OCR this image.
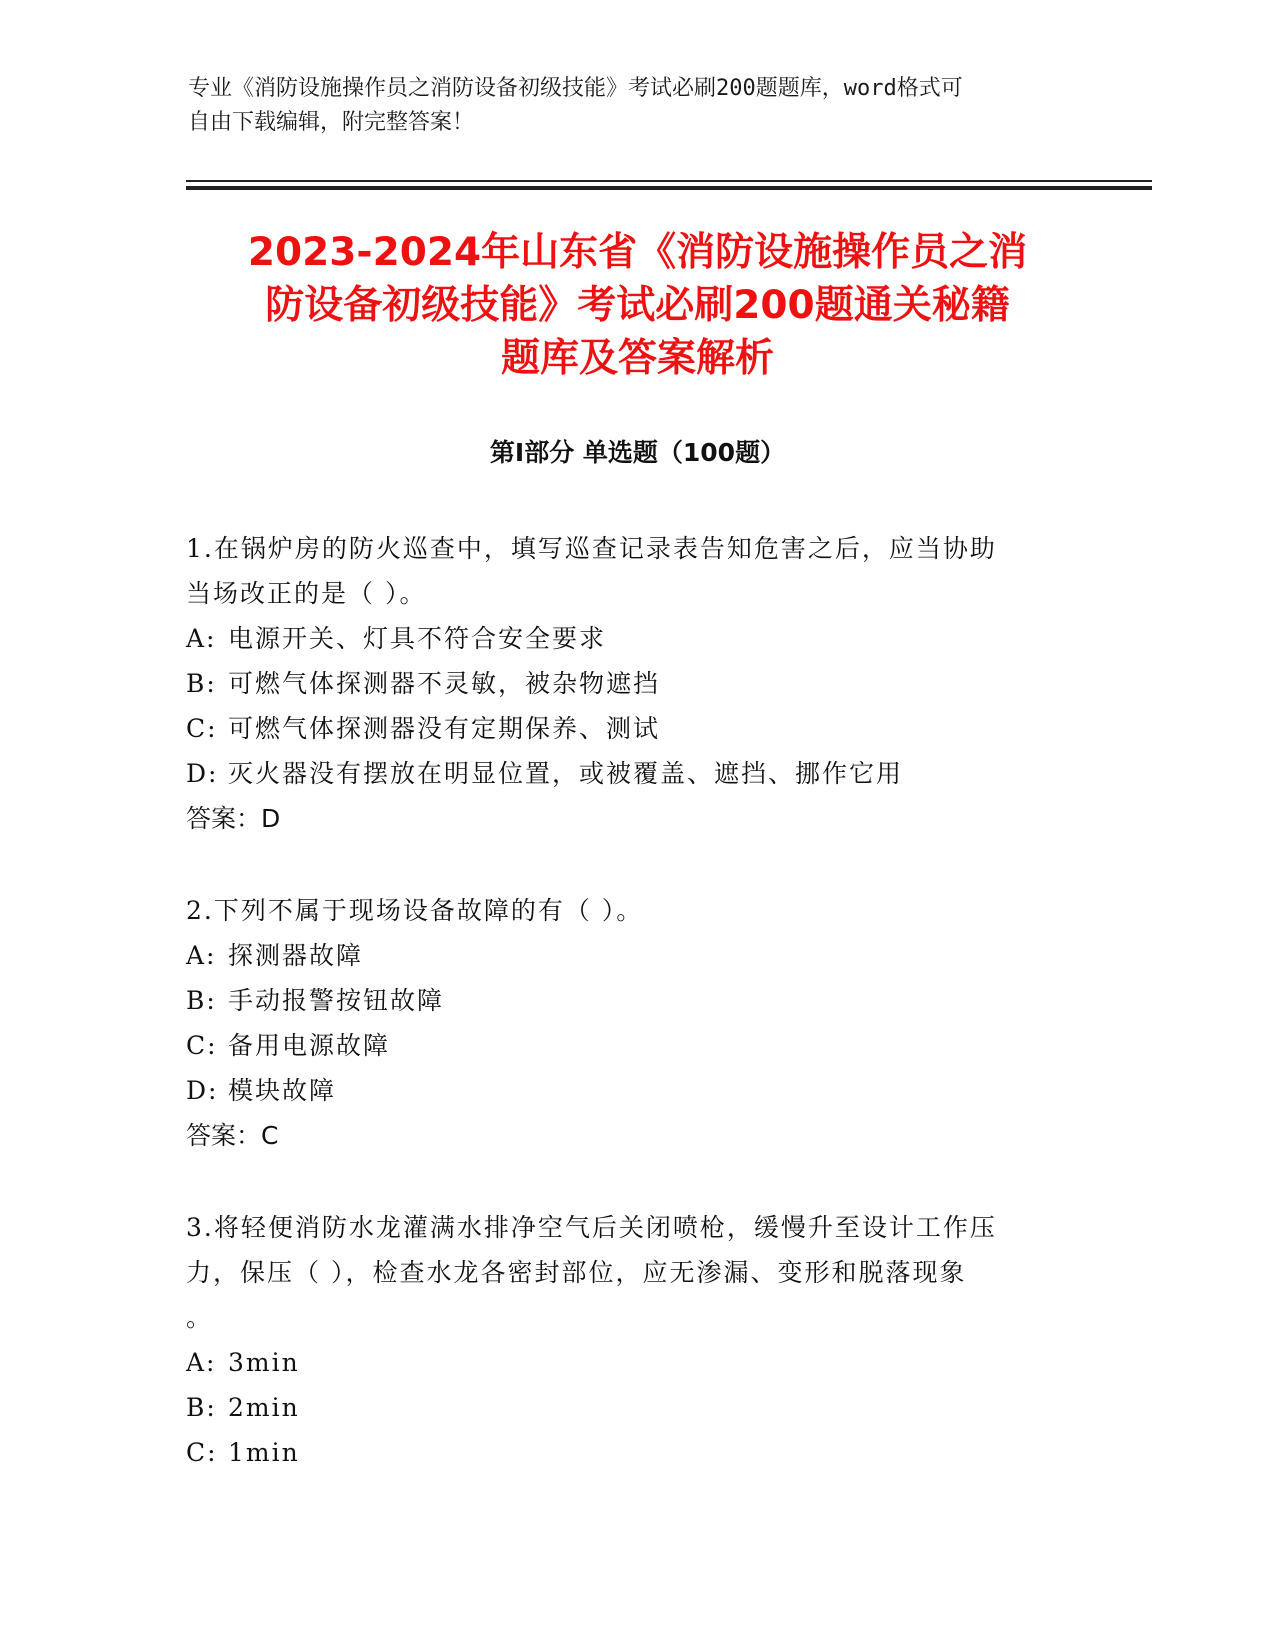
专业《消防设施操作员之消防设备初级技能》考试必刷200题题库，word格式可
自由下载编辑，附完整答案！
2023-2024年山东省《消防设施操作员之消
防设备初级技能》考试必刷200题通关秘籍
题库及答案解析
第Ⅰ部分 单选题（100题）

1.在锅炉房的防火巡查中，填写巡查记录表告知危害之后，应当协助

当场改正的是（ ）。

A: 电源开关、灯具不符合安全要求

B: 可燃气体探测器不灵敏，被杂物遮挡

C: 可燃气体探测器没有定期保养、测试

D: 灭火器没有摆放在明显位置，或被覆盖、遮挡、挪作它用

答案：D

2.下列不属于现场设备故障的有（ ）。

A: 探测器故障

B: 手动报警按钮故障

C: 备用电源故障

D: 模块故障

答案：C

3.将轻便消防水龙灌满水排净空气后关闭喷枪，缓慢升至设计工作压

力，保压（ ），检查水龙各密封部位，应无渗漏、变形和脱落现象

。

A: 3min

B: 2min

C: 1min
